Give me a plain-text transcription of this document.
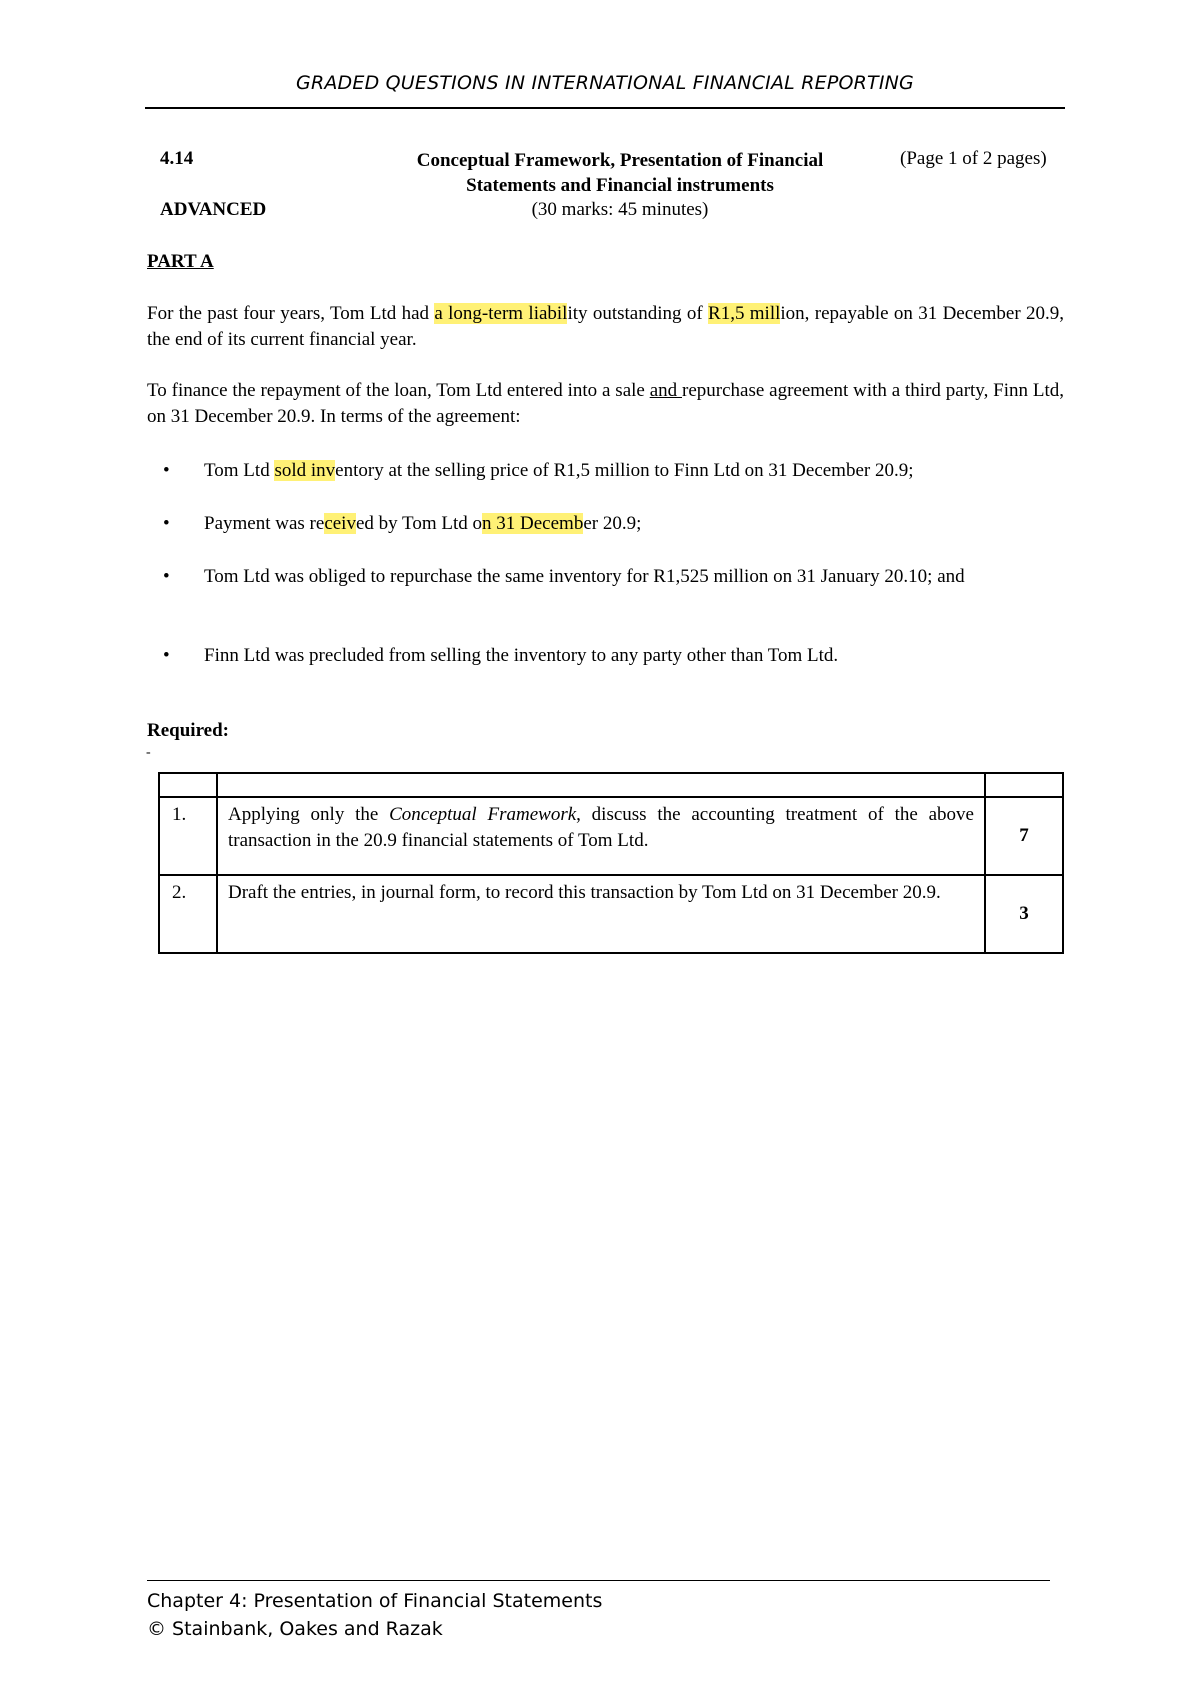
GRADED QUESTIONS IN INTERNATIONAL FINANCIAL REPORTING
4.14	Conceptual Framework, Presentation of Financial
Statements and Financial instruments
(Page 1 of 2 pages)
ADVANCED	(30 marks: 45 minutes)
PART A
For the past four years, Tom Ltd had a long-term liability outstanding of R1,5 million, repayable on 31 December 20.9, the end of its current financial year.
To finance the repayment of the loan, Tom Ltd entered into a sale and repurchase agreement with a third party, Finn Ltd, on 31 December 20.9. In terms of the agreement:
• Tom Ltd sold inventory at the selling price of R1,5 million to Finn Ltd on 31 December 20.9;
• Payment was received by Tom Ltd on 31 December 20.9;
• Tom Ltd was obliged to repurchase the same inventory for R1,525 million on 31 January 20.10; and
• Finn Ltd was precluded from selling the inventory to any party other than Tom Ltd.
Required:
-

1.	Applying only the Conceptual Framework, discuss the accounting treatment of the above transaction in the 20.9 financial statements of Tom Ltd.	7
2.	Draft the entries, in journal form, to record this transaction by Tom Ltd on 31 December 20.9.	3
Chapter 4: Presentation of Financial Statements
© Stainbank, Oakes and Razak
